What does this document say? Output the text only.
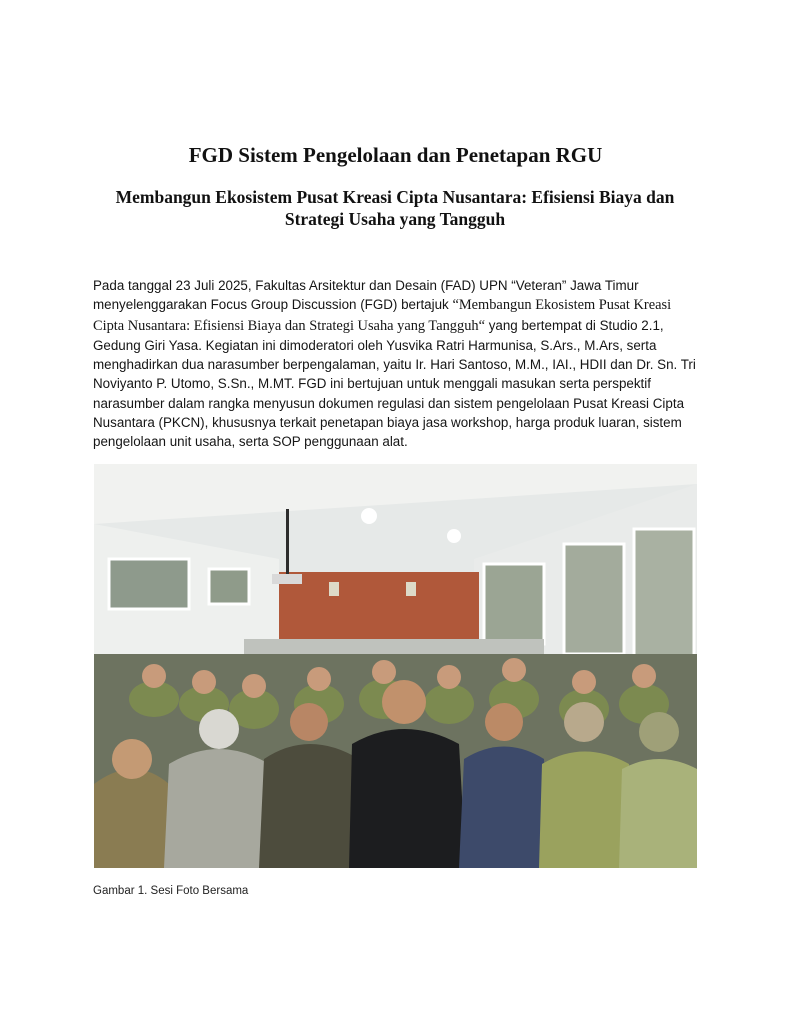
FGD Sistem Pengelolaan dan Penetapan RGU
Membangun Ekosistem Pusat Kreasi Cipta Nusantara: Efisiensi Biaya dan Strategi Usaha yang Tangguh

Pada tanggal 23 Juli 2025, Fakultas Arsitektur dan Desain (FAD) UPN “Veteran” Jawa Timur menyelenggarakan Focus Group Discussion (FGD) bertajuk “Membangun Ekosistem Pusat Kreasi Cipta Nusantara: Efisiensi Biaya dan Strategi Usaha yang Tangguh“ yang bertempat di Studio 2.1, Gedung Giri Yasa. Kegiatan ini dimoderatori oleh Yusvika Ratri Harmunisa, S.Ars., M.Ars, serta menghadirkan dua narasumber berpengalaman, yaitu Ir. Hari Santoso, M.M., IAI., HDII dan Dr. Sn. Tri Noviyanto P. Utomo, S.Sn., M.MT. FGD ini bertujuan untuk menggali masukan serta perspektif narasumber dalam rangka menyusun dokumen regulasi dan sistem pengelolaan Pusat Kreasi Cipta Nusantara (PKCN), khususnya terkait penetapan biaya jasa workshop, harga produk luaran, sistem pengelolaan unit usaha, serta SOP penggunaan alat.

Gambar 1. Sesi Foto Bersama
